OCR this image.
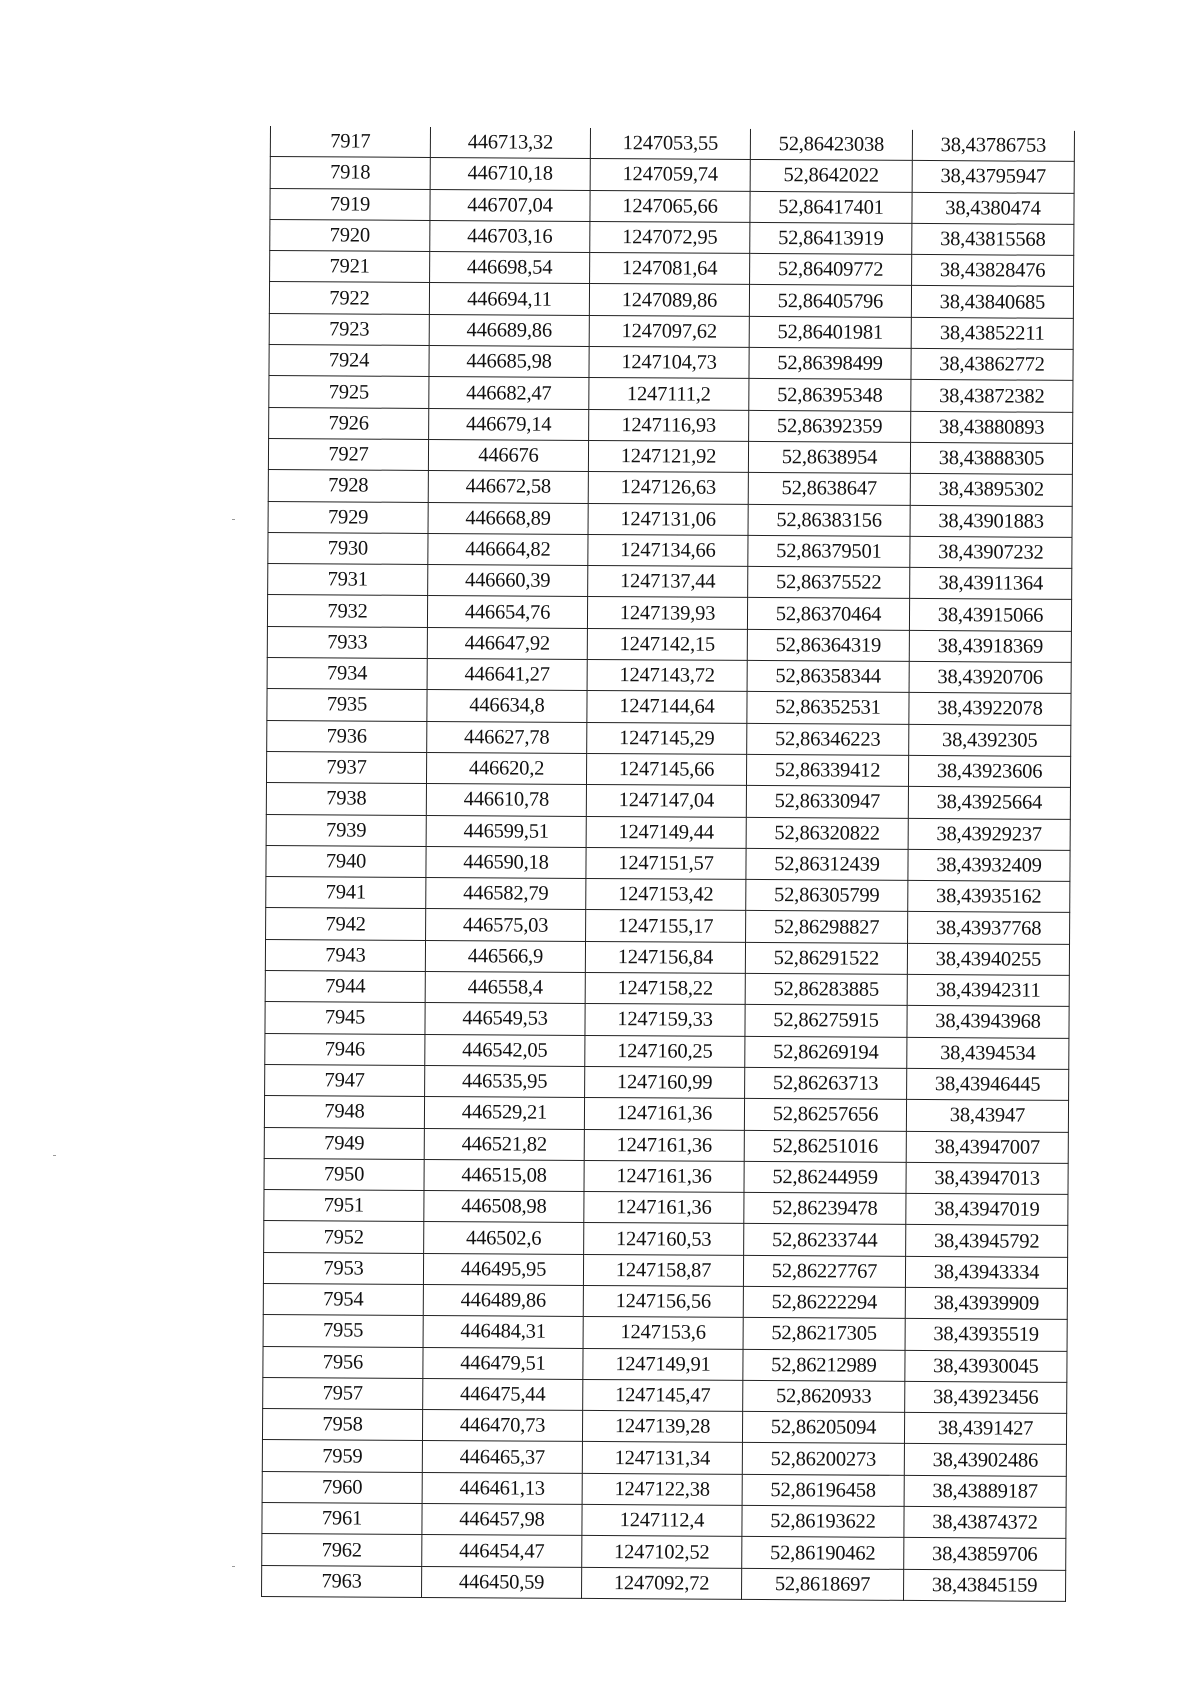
7917	446713,32	1247053,55	52,86423038	38,43786753
7918	446710,18	1247059,74	52,8642022	38,43795947
7919	446707,04	1247065,66	52,86417401	38,4380474
7920	446703,16	1247072,95	52,86413919	38,43815568
7921	446698,54	1247081,64	52,86409772	38,43828476
7922	446694,11	1247089,86	52,86405796	38,43840685
7923	446689,86	1247097,62	52,86401981	38,43852211
7924	446685,98	1247104,73	52,86398499	38,43862772
7925	446682,47	1247111,2	52,86395348	38,43872382
7926	446679,14	1247116,93	52,86392359	38,43880893
7927	446676	1247121,92	52,8638954	38,43888305
7928	446672,58	1247126,63	52,8638647	38,43895302
7929	446668,89	1247131,06	52,86383156	38,43901883
7930	446664,82	1247134,66	52,86379501	38,43907232
7931	446660,39	1247137,44	52,86375522	38,43911364
7932	446654,76	1247139,93	52,86370464	38,43915066
7933	446647,92	1247142,15	52,86364319	38,43918369
7934	446641,27	1247143,72	52,86358344	38,43920706
7935	446634,8	1247144,64	52,86352531	38,43922078
7936	446627,78	1247145,29	52,86346223	38,4392305
7937	446620,2	1247145,66	52,86339412	38,43923606
7938	446610,78	1247147,04	52,86330947	38,43925664
7939	446599,51	1247149,44	52,86320822	38,43929237
7940	446590,18	1247151,57	52,86312439	38,43932409
7941	446582,79	1247153,42	52,86305799	38,43935162
7942	446575,03	1247155,17	52,86298827	38,43937768
7943	446566,9	1247156,84	52,86291522	38,43940255
7944	446558,4	1247158,22	52,86283885	38,43942311
7945	446549,53	1247159,33	52,86275915	38,43943968
7946	446542,05	1247160,25	52,86269194	38,4394534
7947	446535,95	1247160,99	52,86263713	38,43946445
7948	446529,21	1247161,36	52,86257656	38,43947
7949	446521,82	1247161,36	52,86251016	38,43947007
7950	446515,08	1247161,36	52,86244959	38,43947013
7951	446508,98	1247161,36	52,86239478	38,43947019
7952	446502,6	1247160,53	52,86233744	38,43945792
7953	446495,95	1247158,87	52,86227767	38,43943334
7954	446489,86	1247156,56	52,86222294	38,43939909
7955	446484,31	1247153,6	52,86217305	38,43935519
7956	446479,51	1247149,91	52,86212989	38,43930045
7957	446475,44	1247145,47	52,8620933	38,43923456
7958	446470,73	1247139,28	52,86205094	38,4391427
7959	446465,37	1247131,34	52,86200273	38,43902486
7960	446461,13	1247122,38	52,86196458	38,43889187
7961	446457,98	1247112,4	52,86193622	38,43874372
7962	446454,47	1247102,52	52,86190462	38,43859706
7963	446450,59	1247092,72	52,8618697	38,43845159
